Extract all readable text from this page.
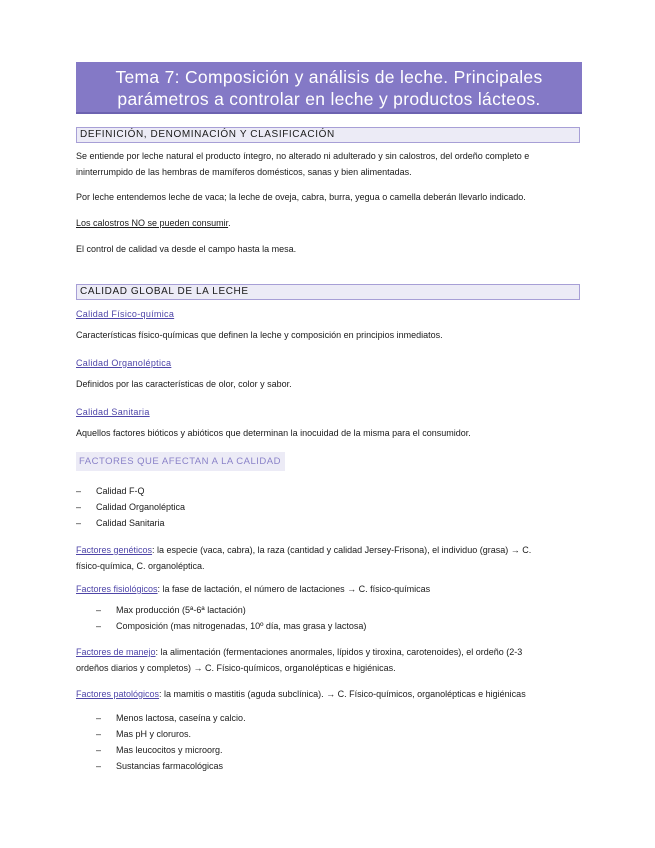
Tema 7: Composición y análisis de leche. Principales
parámetros a controlar en leche y productos lácteos.
DEFINICIÓN, DENOMINACIÓN Y CLASIFICACIÓN
Se entiende por leche natural el producto íntegro, no alterado ni adulterado y sin calostros, del ordeño completo e
ininterrumpido de las hembras de mamíferos domésticos, sanas y bien alimentadas.
Por leche entendemos leche de vaca; la leche de oveja, cabra, burra, yegua o camella deberán llevarlo indicado.
Los calostros NO se pueden consumir.
El control de calidad va desde el campo hasta la mesa.
CALIDAD GLOBAL DE LA LECHE
Calidad Físico-química
Características físico-químicas que definen la leche y composición en principios inmediatos.
Calidad Organoléptica
Definidos por las características de olor, color y sabor.
Calidad Sanitaria
Aquellos factores bióticos y abióticos que determinan la inocuidad de la misma para el consumidor.
FACTORES QUE AFECTAN A LA CALIDAD
– Calidad F-Q
– Calidad Organoléptica
– Calidad Sanitaria
Factores genéticos: la especie (vaca, cabra), la raza (cantidad y calidad Jersey-Frisona), el individuo (grasa) → C.
físico-química, C. organoléptica.
Factores fisiológicos: la fase de lactación, el número de lactaciones → C. físico-químicas
– Max producción (5ª-6ª lactación)
– Composición (mas nitrogenadas, 10º día, mas grasa y lactosa)
Factores de manejo: la alimentación (fermentaciones anormales, lípidos y tiroxina, carotenoides), el ordeño (2-3
ordeños diarios y completos) → C. Físico-químicos, organolépticas e higiénicas.
Factores patológicos: la mamitis o mastitis (aguda subclínica). → C. Físico-químicos, organolépticas e higiénicas
– Menos lactosa, caseína y calcio.
– Mas pH y cloruros.
– Mas leucocitos y microorg.
– Sustancias farmacológicas
